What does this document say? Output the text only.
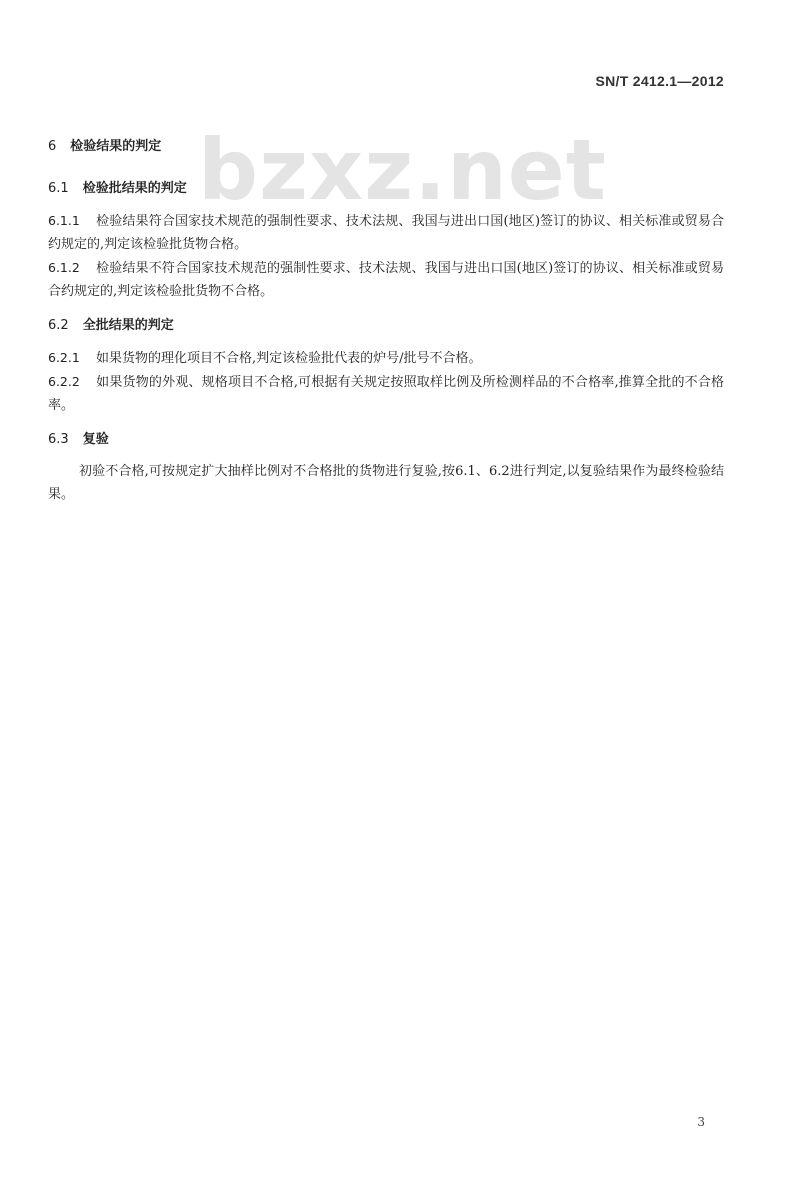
SN/T 2412.1—2012
bzxz.net

6 检验结果的判定

6.1 检验批结果的判定

6.1.1 检验结果符合国家技术规范的强制性要求、技术法规、我国与进出口国(地区)签订的协议、相关标准或贸易合约规定的,判定该检验批货物合格。

6.1.2 检验结果不符合国家技术规范的强制性要求、技术法规、我国与进出口国(地区)签订的协议、相关标准或贸易合约规定的,判定该检验批货物不合格。

6.2 全批结果的判定

6.2.1 如果货物的理化项目不合格,判定该检验批代表的炉号/批号不合格。

6.2.2 如果货物的外观、规格项目不合格,可根据有关规定按照取样比例及所检测样品的不合格率,推算全批的不合格率。

6.3 复验

初验不合格,可按规定扩大抽样比例对不合格批的货物进行复验,按6.1、6.2进行判定,以复验结果作为最终检验结果。

3
